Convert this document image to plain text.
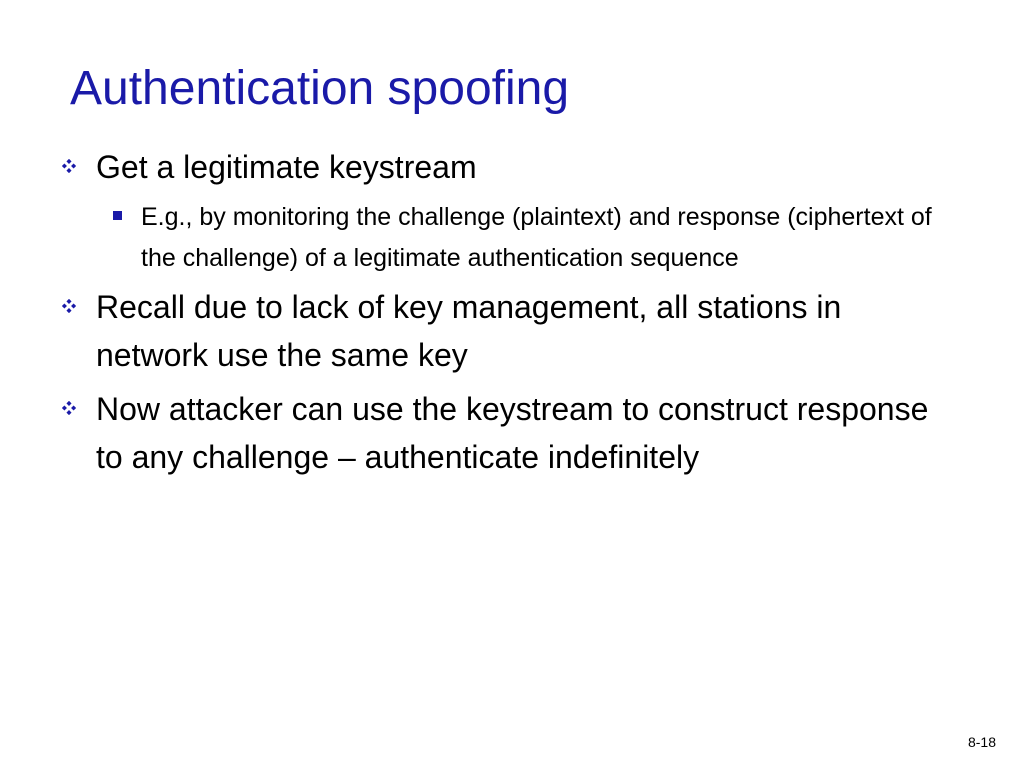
Authentication spoofing
Get a legitimate keystream
E.g., by monitoring the challenge (plaintext) and response (ciphertext of the challenge) of a legitimate authentication sequence
Recall due to lack of key management, all stations in network use the same key
Now attacker can use the keystream to construct response to any challenge – authenticate indefinitely
8-18
